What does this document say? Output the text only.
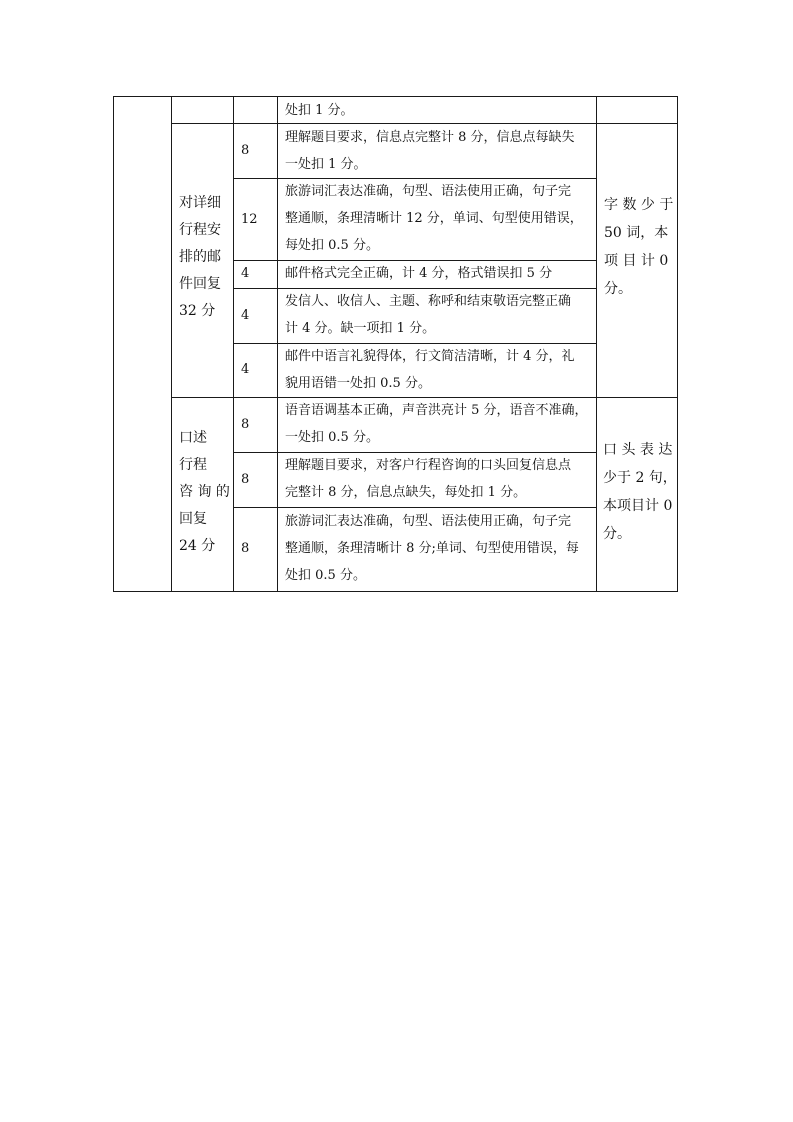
处扣 1 分。
对详细
行程安
排的邮
件回复
32 分
字 数 少 于
50 词，本
项 目 计 0
分。
8
理解题目要求，信息点完整计 8 分，信息点每缺失
一处扣 1 分。
12
旅游词汇表达准确，句型、语法使用正确，句子完
整通顺，条理清晰计 12 分，单词、句型使用错误，
每处扣 0.5 分。
4	邮件格式完全正确，计 4 分，格式错误扣 5 分
4
发信人、收信人、主题、称呼和结束敬语完整正确
计 4 分。缺一项扣 1 分。
4
邮件中语言礼貌得体，行文简洁清晰，计 4 分，礼
貌用语错一处扣 0.5 分。
口述
行程
咨 询 的
回复
24 分
口 头 表 达
少于 2 句，
本项目计 0
分。
8
语音语调基本正确，声音洪亮计 5 分，语音不准确，
一处扣 0.5 分。
8
理解题目要求，对客户行程咨询的口头回复信息点
完整计 8 分，信息点缺失，每处扣 1 分。
8
旅游词汇表达准确，句型、语法使用正确，句子完
整通顺，条理清晰计 8 分;单词、句型使用错误，每
处扣 0.5 分。
